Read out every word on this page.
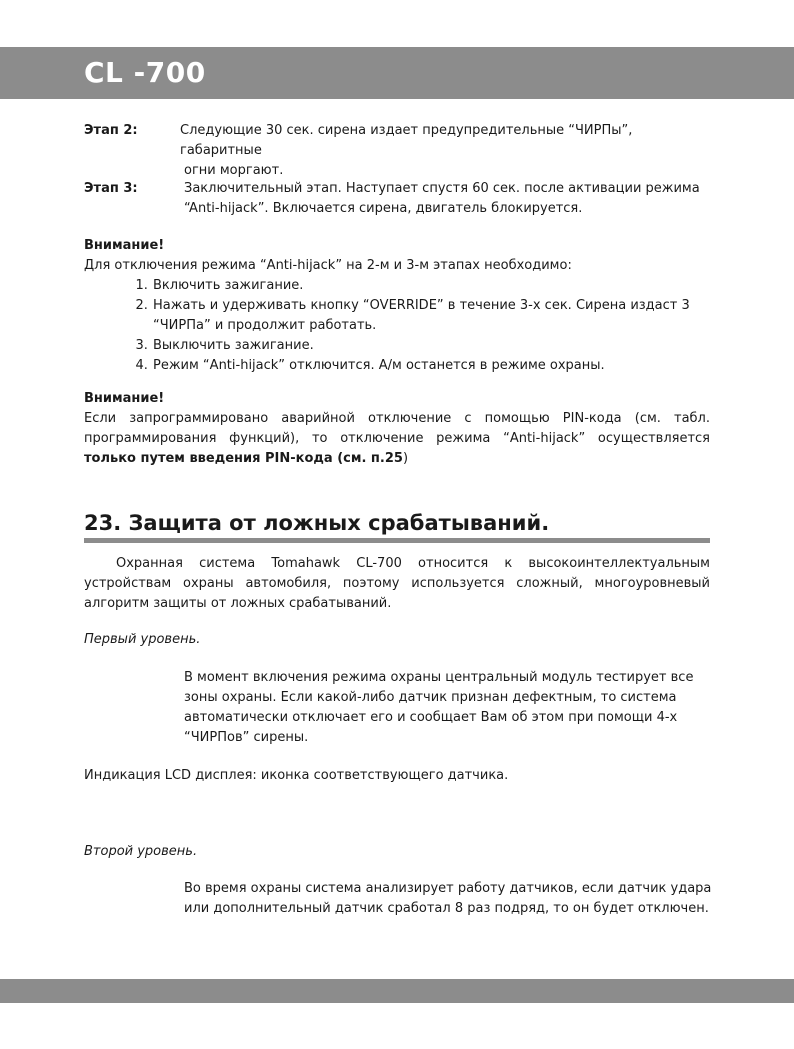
CL -700
Этап 2:	Следующие 30 сек. сирена издает предупредительные “ЧИРПы”, габаритные

огни моргают.

Этап 3:	Заключительный этап. Наступает спустя 60 сек. после активации режима

“Anti-hijack”. Включается сирена, двигатель блокируется.

Внимание!
Для отключения режима “Anti-hijack” на 2-м и 3-м этапах необходимо:
1. Включить зажигание.
2. Нажать и удерживать кнопку “OVERRIDE” в течение 3-х сек. Сирена издаст 3 “ЧИРПа” и продолжит работать.
3. Выключить зажигание.
4. Режим “Anti-hijack” отключится. А/м останется в режиме охраны.
Внимание!
Если запрограммировано аварийной отключение с помощью PIN-кода (см. табл. программирования функций), то отключение режима “Anti-hijack” осуществляется только путем введения PIN-кода (см. п.25)
23. Защита от ложных срабатываний.
Охранная система Tomahawk CL-700 относится к высокоинтеллектуальным устройствам охраны автомобиля, поэтому используется сложный, многоуровневый алгоритм защиты от ложных срабатываний.
Первый уровень.
В момент включения режима охраны центральный модуль тестирует все зоны охраны. Если какой-либо датчик признан дефектным, то система автоматически отключает его и сообщает Вам об этом при помощи 4-х “ЧИРПов” сирены.
Индикация LCD дисплея: иконка соответствующего датчика.
Второй уровень.
Во время охраны система анализирует работу датчиков, если датчик удара или дополнительный датчик сработал 8 раз подряд, то он будет отключен.
